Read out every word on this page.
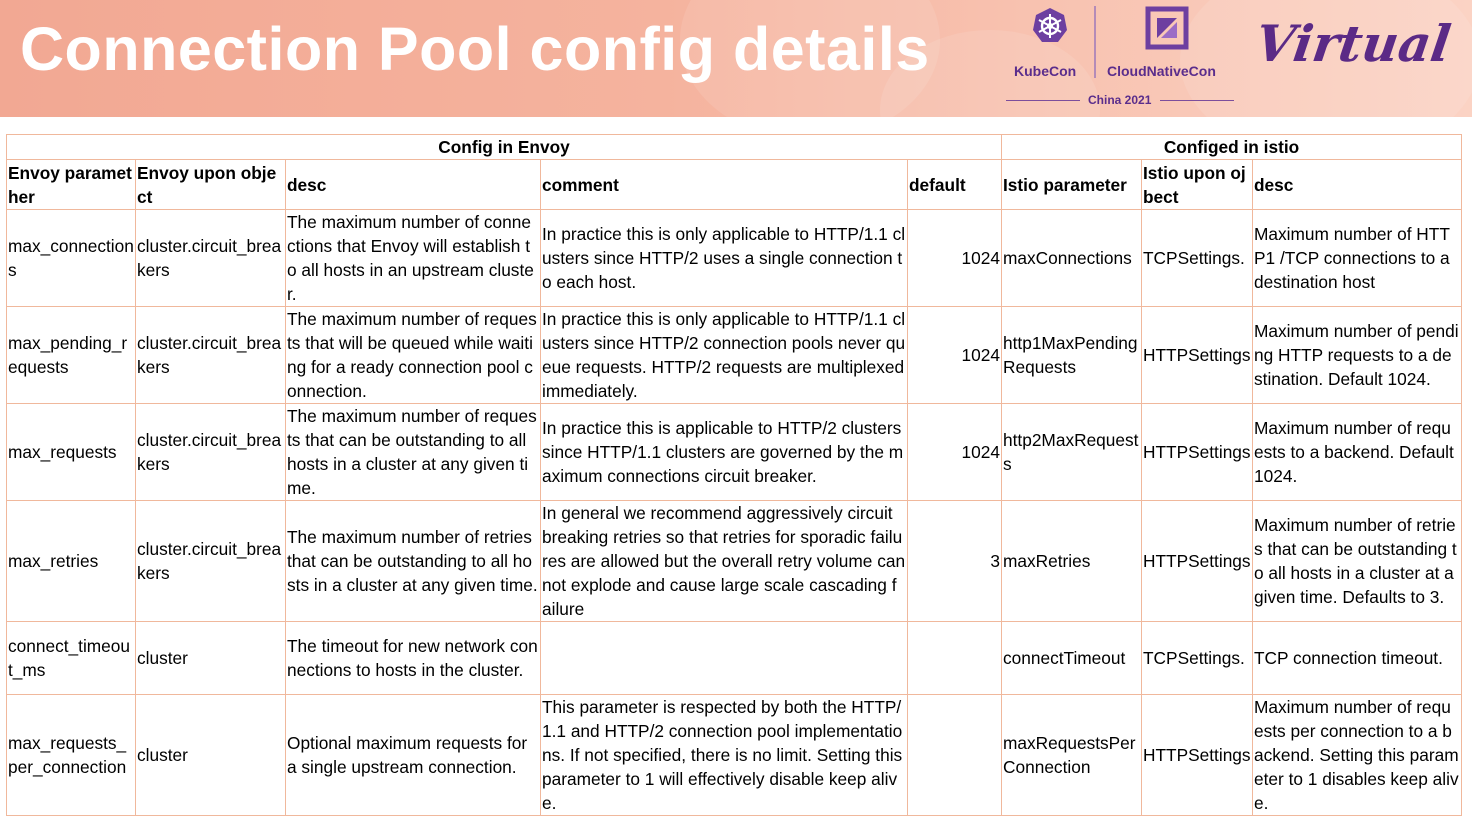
Connection Pool config details	KubeCon CloudNativeCon
China 2021
Virtual
Config in Envoy					Configed in istio		
Envoy paramether	Envoy upon object	desc	comment	default	Istio parameter	Istio upon ojbect	desc
max_connections	cluster.circuit_breakers	The maximum number of connections that Envoy will establish to all hosts in an upstream cluster.	In practice this is only applicable to HTTP/1.1 clusters since HTTP/2 uses a single connection to each host.	1024	maxConnections	TCPSettings.	Maximum number of HTTP1 /TCP connections to a destination host
max_pending_requests	cluster.circuit_breakers	The maximum number of requests that will be queued while waiting for a ready connection pool connection.	In practice this is only applicable to HTTP/1.1 clusters since HTTP/2 connection pools never queue requests. HTTP/2 requests are multiplexed immediately.	1024	http1MaxPendingRequests	HTTPSettings	Maximum number of pending HTTP requests to a destination. Default 1024.
max_requests	cluster.circuit_breakers	The maximum number of requests that can be outstanding to all hosts in a cluster at any given time.	In practice this is applicable to HTTP/2 clusters since HTTP/1.1 clusters are governed by the maximum connections circuit breaker.	1024	http2MaxRequests	HTTPSettings	Maximum number of requests to a backend. Default 1024.
max_retries	cluster.circuit_breakers	The maximum number of retries that can be outstanding to all hosts in a cluster at any given time.	In general we recommend aggressively circuit breaking retries so that retries for sporadic failures are allowed but the overall retry volume cannot explode and cause large scale cascading failure	3	maxRetries	HTTPSettings	Maximum number of retries that can be outstanding to all hosts in a cluster at a given time. Defaults to 3.
connect_timeout_ms	cluster	The timeout for new network connections to hosts in the cluster.			connectTimeout	TCPSettings.	TCP connection timeout.
max_requests_per_connection	cluster	Optional maximum requests for a single upstream connection.	This parameter is respected by both the HTTP/1.1 and HTTP/2 connection pool implementations. If not specified, there is no limit. Setting this parameter to 1 will effectively disable keep alive.		maxRequestsPerConnection	HTTPSettings	Maximum number of requests per connection to a backend. Setting this parameter to 1 disables keep alive.
